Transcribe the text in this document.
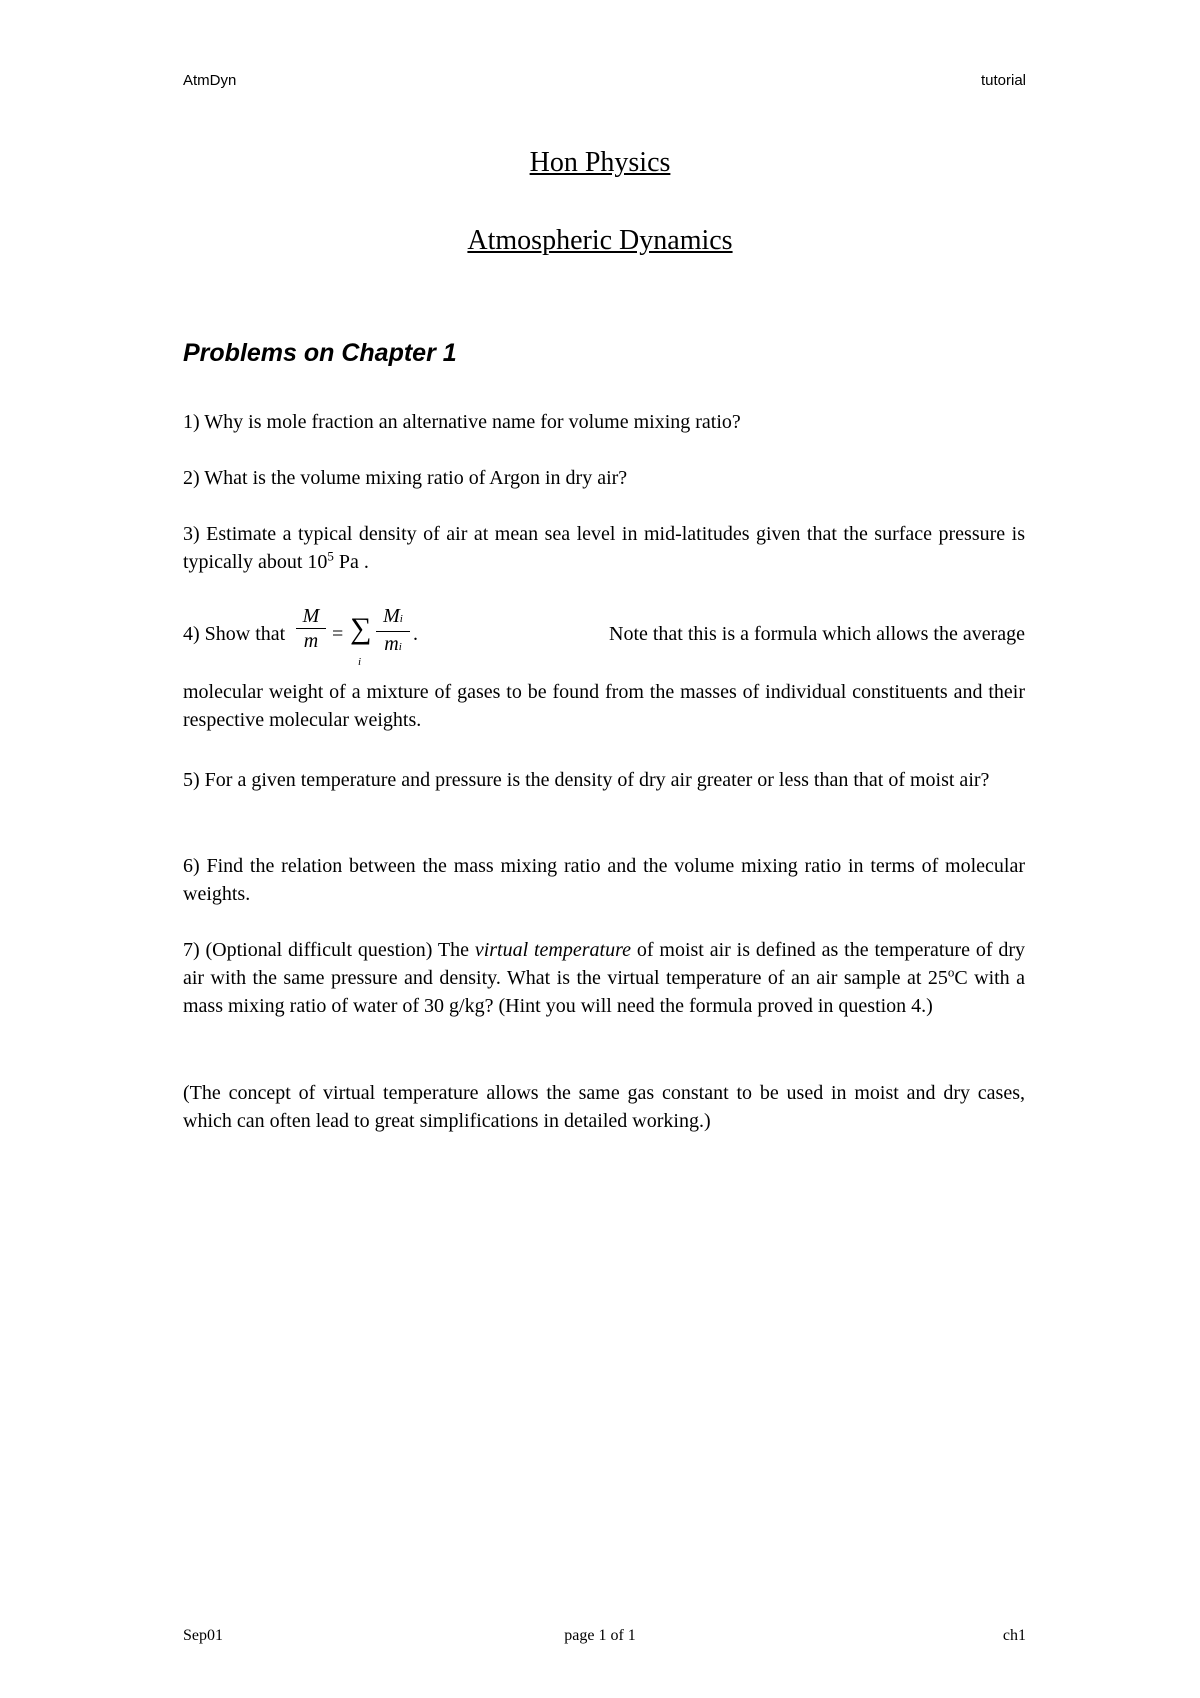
AtmDyn	tutorial
Hon Physics
Atmospheric Dynamics
Problems on Chapter 1

1) Why is mole fraction an alternative name for volume mixing ratio?

2) What is the volume mixing ratio of Argon in dry air?

3) Estimate a typical density of air at mean sea level in mid-latitudes given that the surface pressure is typically about $10^5$ Pa .

4) Show that
M
m = ∑
i
Mi
mi
.	Note that this is a formula which allows the average

molecular weight of a mixture of gases to be found from the masses of individual constituents and their respective molecular weights.

5) For a given temperature and pressure is the density of dry air greater or less than that of moist air?

6) Find the relation between the mass mixing ratio and the volume mixing ratio in terms of molecular weights.

7) (Optional difficult question) The virtual temperature of moist air is defined as the temperature of dry air with the same pressure and density. What is the virtual temperature of an air sample at 25$^o$C with a mass mixing ratio of water of 30 g/kg? (Hint you will need the formula proved in question 4.)

(The concept of virtual temperature allows the same gas constant to be used in moist and dry cases, which can often lead to great simplifications in detailed working.)

Sep01	page 1 of 1	ch1
